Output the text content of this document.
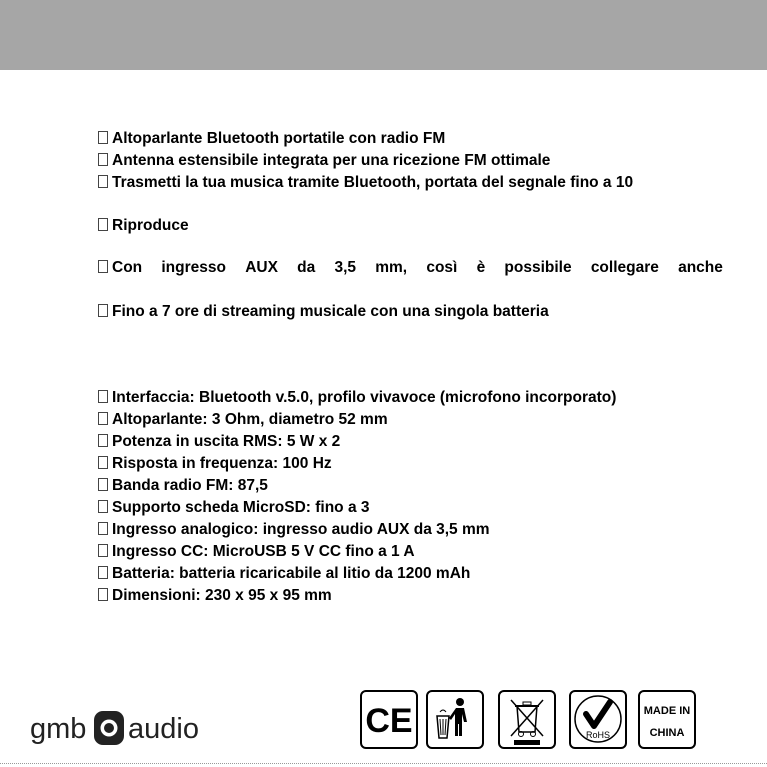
Altoparlante Bluetooth portatile con radio FM
Antenna estensibile integrata per una ricezione FM ottimale
Trasmetti la tua musica tramite Bluetooth, portata del segnale fino a 10
Riproduce
Con ingresso AUX da 3,5 mm, così è possibile collegare anche
Fino a 7 ore di streaming musicale con una singola batteria
Interfaccia: Bluetooth v.5.0, profilo vivavoce (microfono incorporato)
Altoparlante: 3 Ohm, diametro 52 mm
Potenza in uscita RMS: 5 W x 2
Risposta in frequenza: 100 Hz
Banda radio FM: 87,5
Supporto scheda MicroSD: fino a 3
Ingresso analogico: ingresso audio AUX da 3,5 mm
Ingresso CC: MicroUSB 5 V CC fino a 1 A
Batteria: batteria ricaricabile al litio da 1200 mAh
Dimensioni: 230 x 95 x 95 mm
gmb audio	CE	RoHS
MADE IN
CHINA
